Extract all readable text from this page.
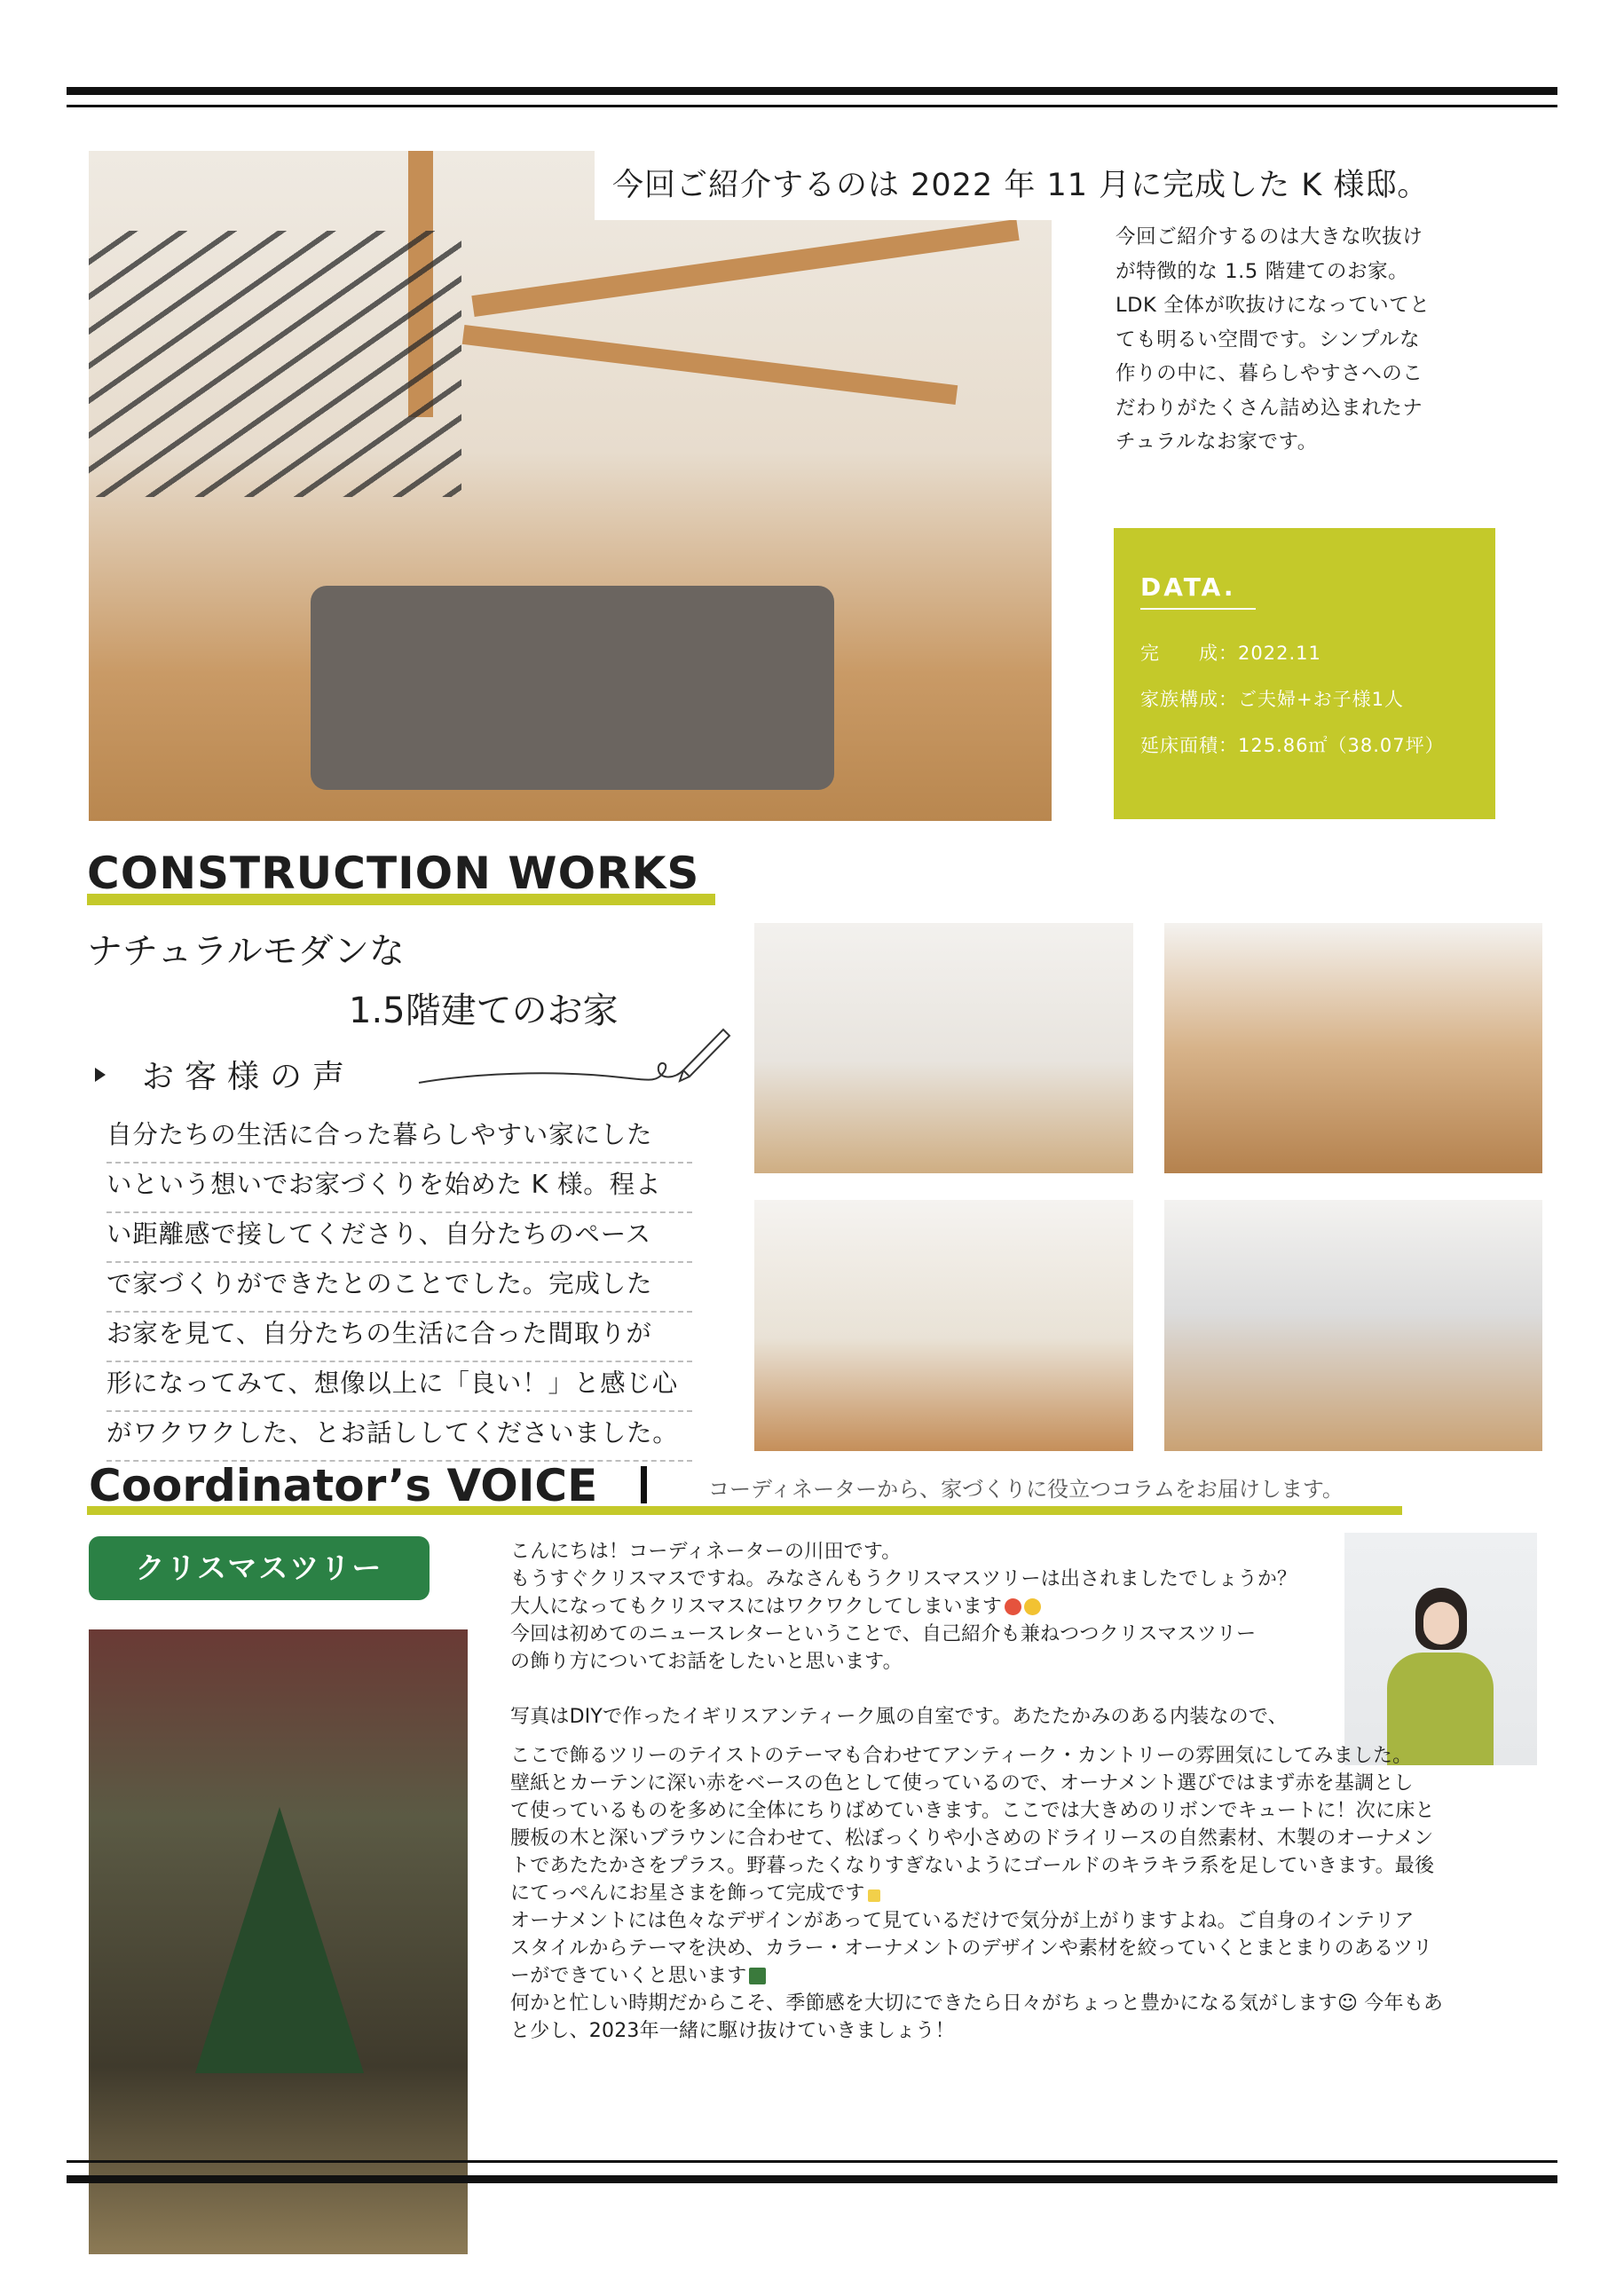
今回ご紹介するのは 2022 年 11 月に完成した K 様邸。
今回ご紹介するのは大きな吹抜け
が特徴的な 1.5 階建てのお家。
LDK 全体が吹抜けになっていてと
ても明るい空間です。シンプルな
作りの中に、暮らしやすさへのこ
だわりがたくさん詰め込まれたナ
チュラルなお家です。
DATA.
完　　成：2022.11
家族構成：ご夫婦+お子様1人
延床面積：125.86㎡（38.07坪）
CONSTRUCTION WORKS
ナチュラルモダンな
1.5階建てのお家
お客様の声
自分たちの生活に合った暮らしやすい家にした
いという想いでお家づくりを始めた K 様。程よ
い距離感で接してくださり、自分たちのペース
で家づくりができたとのことでした。完成した
お家を見て、自分たちの生活に合った間取りが
形になってみて、想像以上に「良い！」と感じ心
がワクワクした、とお話ししてくださいました。
Coordinator’s VOICE	コーディネーターから、家づくりに役立つコラムをお届けします。
クリスマスツリー	こんにちは！コーディネーターの川田です。
もうすぐクリスマスですね。みなさんもうクリスマスツリーは出されましたでしょうか？
大人になってもクリスマスにはワクワクしてしまいます
今回は初めてのニュースレターということで、自己紹介も兼ねつつクリスマスツリー
の飾り方についてお話をしたいと思います。
写真はDIYで作ったイギリスアンティーク風の自室です。あたたかみのある内装なので、
ここで飾るツリーのテイストのテーマも合わせてアンティーク・カントリーの雰囲気にしてみました。
壁紙とカーテンに深い赤をベースの色として使っているので、オーナメント選びではまず赤を基調とし
て使っているものを多めに全体にちりばめていきます。ここでは大きめのリボンでキュートに！次に床と
腰板の木と深いブラウンに合わせて、松ぼっくりや小さめのドライリースの自然素材、木製のオーナメン
トであたたかさをプラス。野暮ったくなりすぎないようにゴールドのキラキラ系を足していきます。最後
にてっぺんにお星さまを飾って完成です
オーナメントには色々なデザインがあって見ているだけで気分が上がりますよね。ご自身のインテリア
スタイルからテーマを決め、カラー・オーナメントのデザインや素材を絞っていくとまとまりのあるツリ
ーができていくと思います
何かと忙しい時期だからこそ、季節感を大切にできたら日々がちょっと豊かになる気がします☺ 今年もあ
と少し、2023年一緒に駆け抜けていきましょう！
